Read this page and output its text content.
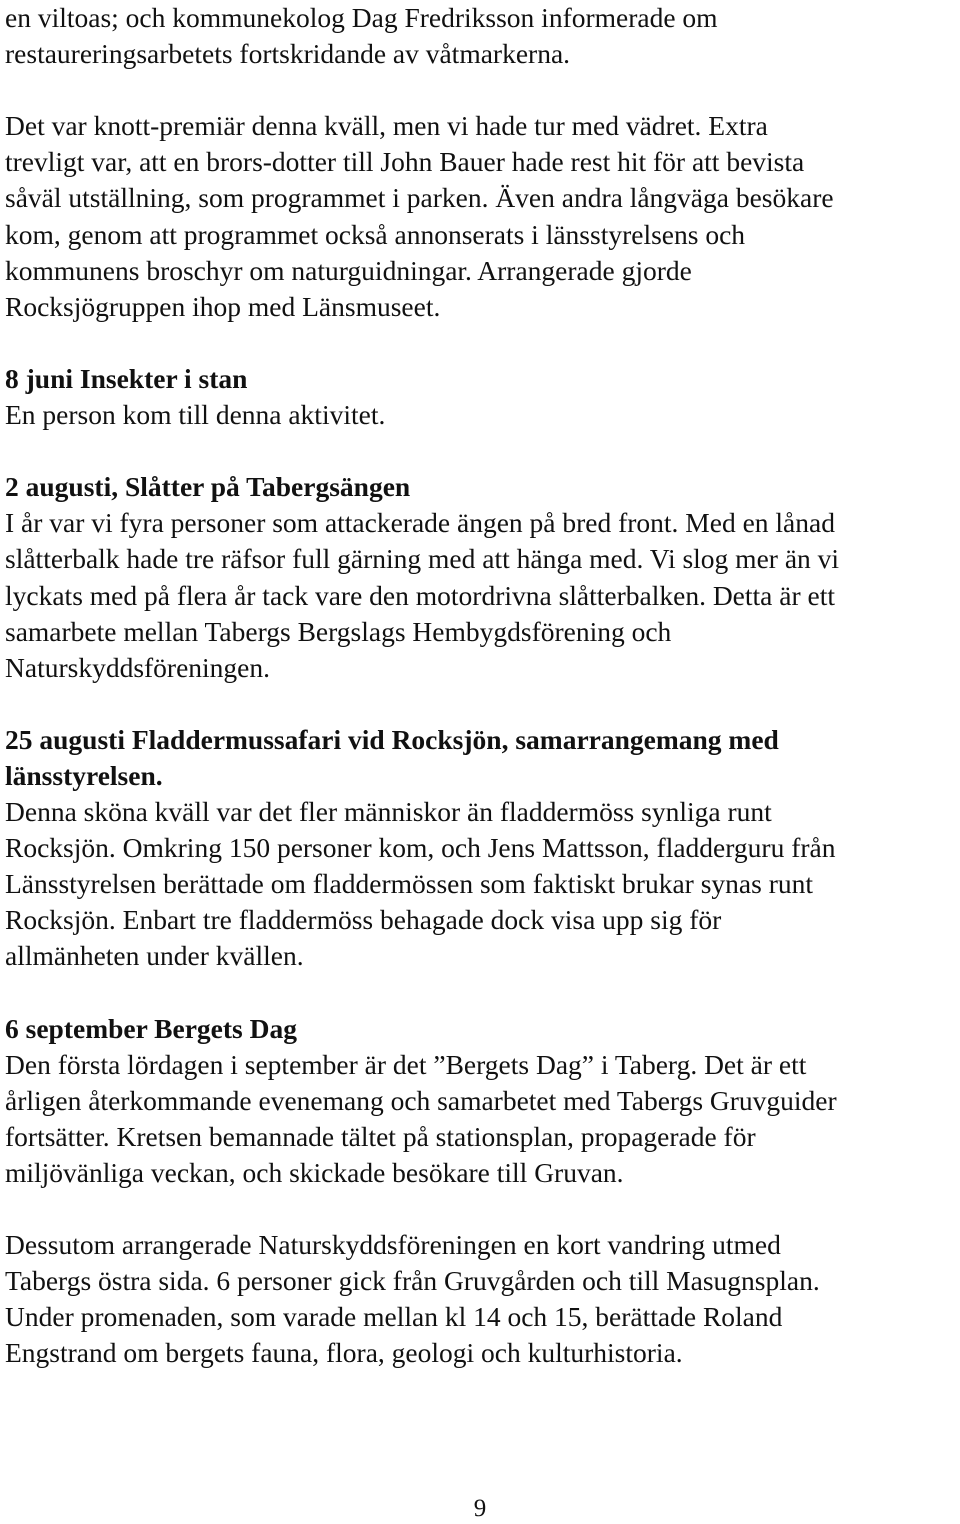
en viltoas; och kommunekolog Dag Fredriksson informerade om
restaureringsarbetets fortskridande av våtmarkerna.
Det var knott-premiär denna kväll, men vi hade tur med vädret. Extra
trevligt var, att en brors-dotter till John Bauer hade rest hit för att bevista
såväl utställning, som programmet i parken. Även andra långväga besökare
kom, genom att programmet också annonserats i länsstyrelsens och
kommunens broschyr om naturguidningar. Arrangerade gjorde
Rocksjögruppen ihop med Länsmuseet.
8 juni Insekter i stan
En person kom till denna aktivitet.
2 augusti, Slåtter på Tabergsängen
I år var vi fyra personer som attackerade ängen på bred front. Med en lånad
slåtterbalk hade tre räfsor full gärning med att hänga med. Vi slog mer än vi
lyckats med på flera år tack vare den motordrivna slåtterbalken. Detta är ett
samarbete mellan Tabergs Bergslags Hembygdsförening och
Naturskyddsföreningen.
25 augusti Fladdermussafari vid Rocksjön, samarrangemang med
länsstyrelsen.
Denna sköna kväll var det fler människor än fladdermöss synliga runt
Rocksjön. Omkring 150 personer kom, och Jens Mattsson, fladderguru från
Länsstyrelsen berättade om fladdermössen som faktiskt brukar synas runt
Rocksjön. Enbart tre fladdermöss behagade dock visa upp sig för
allmänheten under kvällen.
6 september Bergets Dag
Den första lördagen i september är det ”Bergets Dag” i Taberg. Det är ett
årligen återkommande evenemang och samarbetet med Tabergs Gruvguider
fortsätter. Kretsen bemannade tältet på stationsplan, propagerade för
miljövänliga veckan, och skickade besökare till Gruvan.
Dessutom arrangerade Naturskyddsföreningen en kort vandring utmed
Tabergs östra sida. 6 personer gick från Gruvgården och till Masugnsplan.
Under promenaden, som varade mellan kl 14 och 15, berättade Roland
Engstrand om bergets fauna, flora, geologi och kulturhistoria.
9
